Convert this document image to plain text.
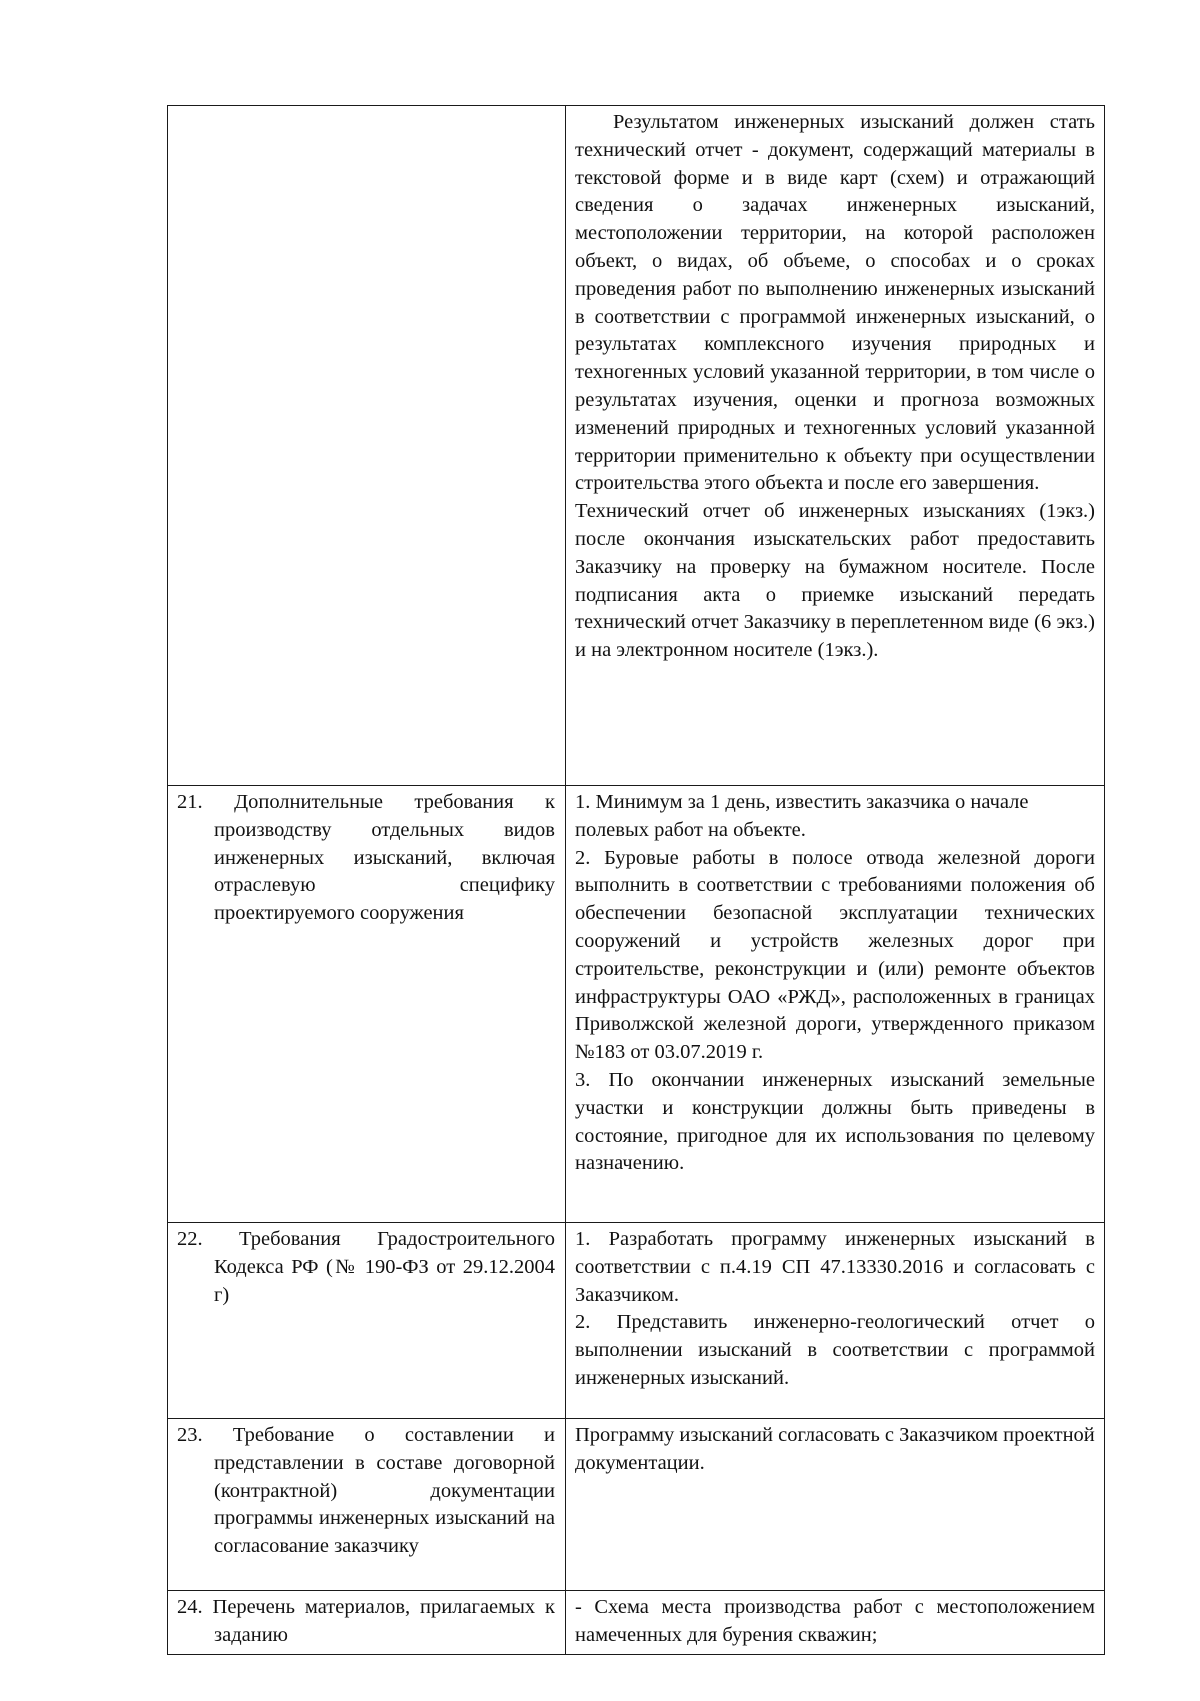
	Результатом инженерных изысканий должен стать технический отчет - документ, содержащий материалы в текстовой форме и в виде карт (схем) и отражающий сведения о задачах инженерных изысканий, местоположении территории, на которой расположен объект, о видах, об объеме, о способах и о сроках проведения работ по выполнению инженерных изысканий в соответствии с программой инженерных изысканий, о результатах комплексного изучения природных и техногенных условий указанной территории, в том числе о результатах изучения, оценки и прогноза возможных изменений природных и техногенных условий указанной территории применительно к объекту при осуществлении строительства этого объекта и после его завершения.

Технический отчет об инженерных изысканиях (1экз.) после окончания изыскательских работ предоставить Заказчику на проверку на бумажном носителе. После подписания акта о приемке изысканий передать технический отчет Заказчику в переплетенном виде (6 экз.) и на электронном носителе (1экз.).

21. Дополнительные требования к производству отдельных видов инженерных изысканий, включая отраслевую специфику проектируемого сооружения	1. Минимум за 1 день, известить заказчика о начале полевых работ на объекте.

2. Буровые работы в полосе отвода железной дороги выполнить в соответствии с требованиями положения об обеспечении безопасной эксплуатации технических сооружений и устройств железных дорог при строительстве, реконструкции и (или) ремонте объектов инфраструктуры ОАО «РЖД», расположенных в границах Приволжской железной дороги, утвержденного приказом №183 от 03.07.2019 г.

3. По окончании инженерных изысканий земельные участки и конструкции должны быть приведены в состояние, пригодное для их использования по целевому назначению.

22. Требования Градостроительного Кодекса РФ (№ 190-ФЗ от 29.12.2004 г)	1. Разработать программу инженерных изысканий в соответствии с п.4.19 СП 47.13330.2016 и согласовать с Заказчиком.

2. Представить инженерно-геологический отчет о выполнении изысканий в соответствии с программой инженерных изысканий.

23. Требование о составлении и представлении в составе договорной (контрактной) документации программы инженерных изысканий на согласование заказчику	Программу изысканий согласовать с Заказчиком проектной документации.

24. Перечень материалов, прилагаемых к заданию	- Схема места производства работ с местоположением намеченных для бурения скважин;
